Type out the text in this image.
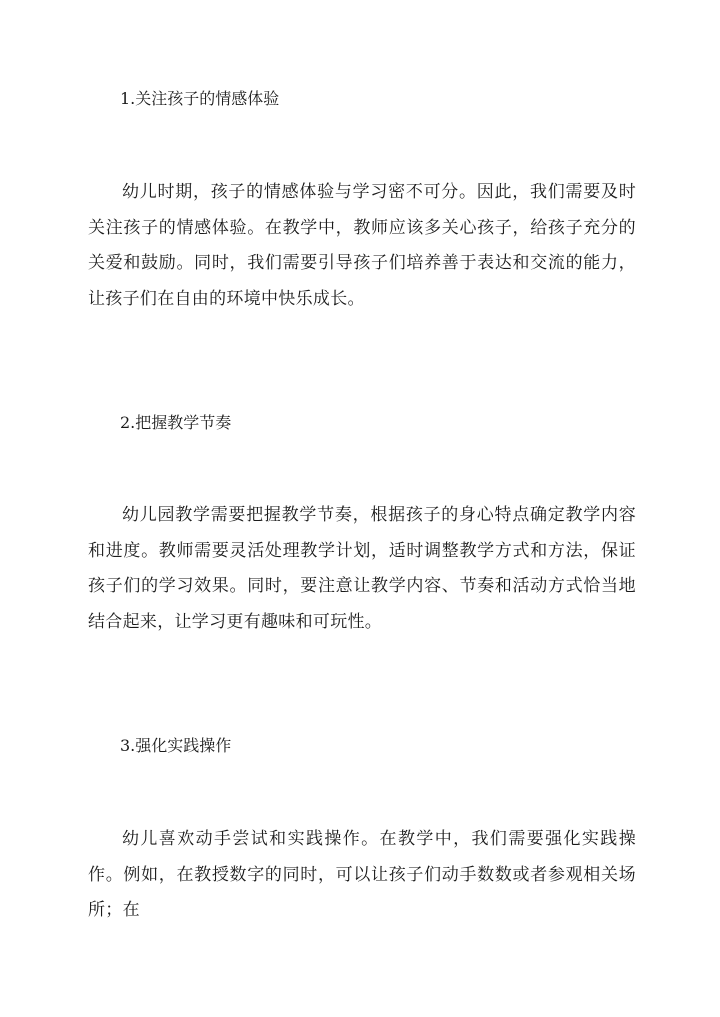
1.关注孩子的情感体验
幼儿时期，孩子的情感体验与学习密不可分。因此，我们需要及时关注孩子的情感体验。在教学中，教师应该多关心孩子，给孩子充分的关爱和鼓励。同时，我们需要引导孩子们培养善于表达和交流的能力，让孩子们在自由的环境中快乐成长。
2.把握教学节奏
幼儿园教学需要把握教学节奏，根据孩子的身心特点确定教学内容和进度。教师需要灵活处理教学计划，适时调整教学方式和方法，保证孩子们的学习效果。同时，要注意让教学内容、节奏和活动方式恰当地结合起来，让学习更有趣味和可玩性。
3.强化实践操作
幼儿喜欢动手尝试和实践操作。在教学中，我们需要强化实践操作。例如，在教授数字的同时，可以让孩子们动手数数或者参观相关场所；在
